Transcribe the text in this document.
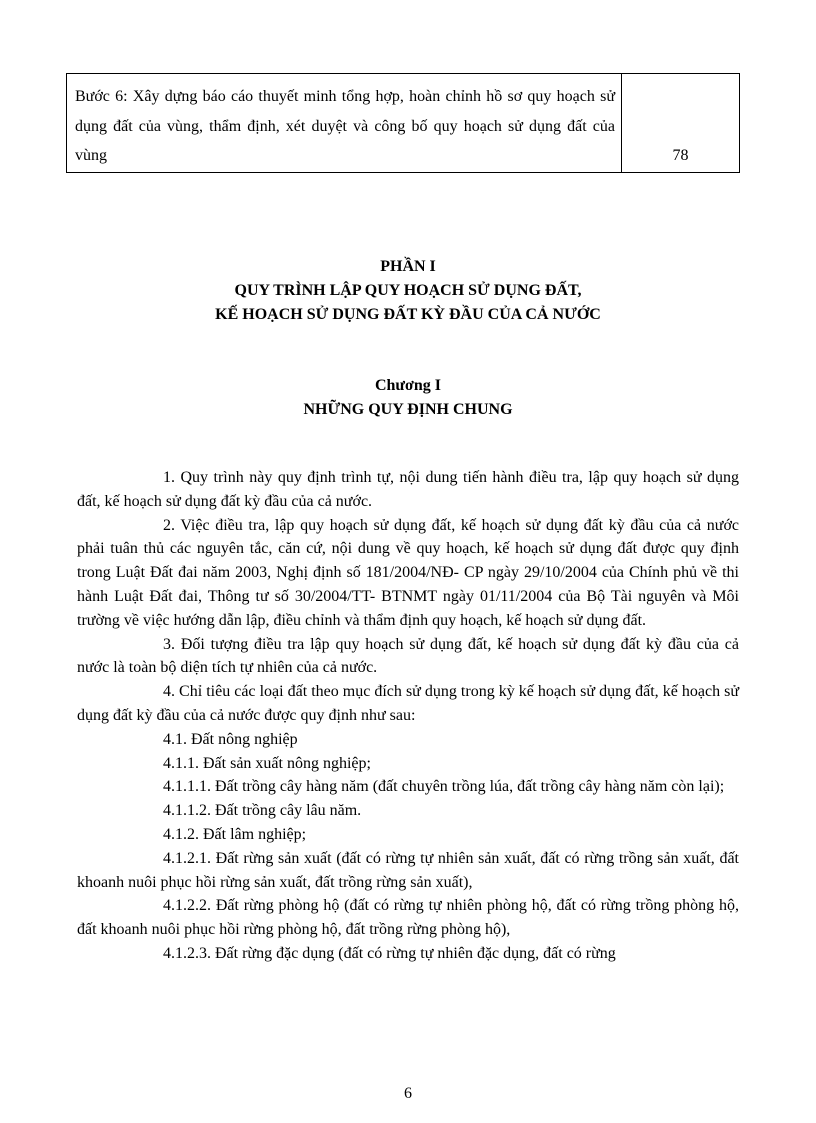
Bước 6: Xây dựng báo cáo thuyết minh tổng hợp, hoàn chỉnh hồ sơ quy hoạch sử dụng đất của vùng, thẩm định, xét duyệt và công bố quy hoạch sử dụng đất của vùng	78
PHẦN I
QUY TRÌNH LẬP QUY HOẠCH SỬ DỤNG ĐẤT,
KẾ HOẠCH SỬ DỤNG ĐẤT KỲ ĐẦU CỦA CẢ NƯỚC
Chương I
NHỮNG QUY ĐỊNH CHUNG

1. Quy trình này quy định trình tự, nội dung tiến hành điều tra, lập quy hoạch sử dụng đất, kế hoạch sử dụng đất kỳ đầu của cả nước.

2. Việc điều tra, lập quy hoạch sử dụng đất, kế hoạch sử dụng đất kỳ đầu của cả nước phải tuân thủ các nguyên tắc, căn cứ, nội dung về quy hoạch, kế hoạch sử dụng đất được quy định trong Luật Đất đai năm 2003, Nghị định số 181/2004/NĐ- CP ngày 29/10/2004 của Chính phủ về thi hành Luật Đất đai, Thông tư số 30/2004/TT- BTNMT ngày 01/11/2004 của Bộ Tài nguyên và Môi trường về việc hướng dẫn lập, điều chỉnh và thẩm định quy hoạch, kế hoạch sử dụng đất.

3. Đối tượng điều tra lập quy hoạch sử dụng đất, kế hoạch sử dụng đất kỳ đầu của cả nước là toàn bộ diện tích tự nhiên của cả nước.

4. Chỉ tiêu các loại đất theo mục đích sử dụng trong kỳ kế hoạch sử dụng đất, kế hoạch sử dụng đất kỳ đầu của cả nước được quy định như sau:

4.1. Đất nông nghiệp

4.1.1. Đất sản xuất nông nghiệp;

4.1.1.1. Đất trồng cây hàng năm (đất chuyên trồng lúa, đất trồng cây hàng năm còn lại);

4.1.1.2. Đất trồng cây lâu năm.

4.1.2. Đất lâm nghiệp;

4.1.2.1. Đất rừng sản xuất (đất có rừng tự nhiên sản xuất, đất có rừng trồng sản xuất, đất khoanh nuôi phục hồi rừng sản xuất, đất trồng rừng sản xuất),

4.1.2.2. Đất rừng phòng hộ (đất có rừng tự nhiên phòng hộ, đất có rừng trồng phòng hộ, đất khoanh nuôi phục hồi rừng phòng hộ, đất trồng rừng phòng hộ),

4.1.2.3. Đất rừng đặc dụng (đất có rừng tự nhiên đặc dụng, đất có rừng

6
